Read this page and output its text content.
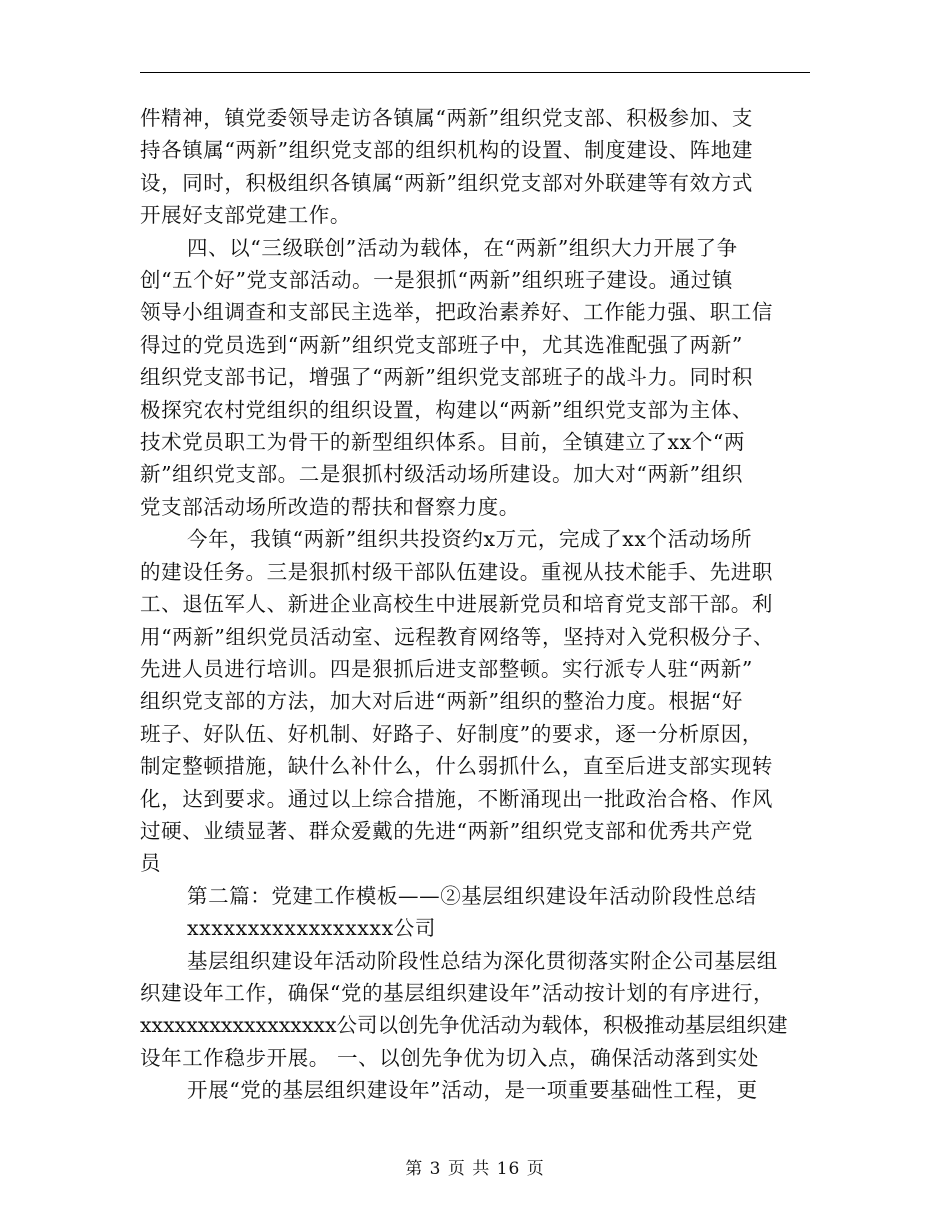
件精神，镇党委领导走访各镇属“两新”组织党支部、积极参加、支
持各镇属“两新”组织党支部的组织机构的设置、制度建设、阵地建
设，同时，积极组织各镇属“两新”组织党支部对外联建等有效方式
开展好支部党建工作。

四、以“三级联创”活动为载体，在“两新”组织大力开展了争
创“五个好”党支部活动。一是狠抓“两新”组织班子建设。通过镇
领导小组调查和支部民主选举，把政治素养好、工作能力强、职工信
得过的党员选到“两新”组织党支部班子中，尤其选准配强了两新”
组织党支部书记，增强了“两新”组织党支部班子的战斗力。同时积
极探究农村党组织的组织设置，构建以“两新”组织党支部为主体、
技术党员职工为骨干的新型组织体系。目前，全镇建立了xx个“两
新”组织党支部。二是狠抓村级活动场所建设。加大对“两新”组织
党支部活动场所改造的帮扶和督察力度。

今年，我镇“两新”组织共投资约x万元，完成了xx个活动场所
的建设任务。三是狠抓村级干部队伍建设。重视从技术能手、先进职
工、退伍军人、新进企业高校生中进展新党员和培育党支部干部。利
用“两新”组织党员活动室、远程教育网络等，坚持对入党积极分子、
先进人员进行培训。四是狠抓后进支部整顿。实行派专人驻“两新”
组织党支部的方法，加大对后进“两新”组织的整治力度。根据“好
班子、好队伍、好机制、好路子、好制度”的要求，逐一分析原因，
制定整顿措施，缺什么补什么，什么弱抓什么，直至后进支部实现转
化，达到要求。通过以上综合措施，不断涌现出一批政治合格、作风
过硬、业绩显著、群众爱戴的先进“两新”组织党支部和优秀共产党
员

第二篇：党建工作模板——②基层组织建设年活动阶段性总结

xxxxxxxxxxxxxxxxx公司

基层组织建设年活动阶段性总结为深化贯彻落实附企公司基层组
织建设年工作，确保“党的基层组织建设年”活动按计划的有序进行，
xxxxxxxxxxxxxxxxx公司以创先争优活动为载体，积极推动基层组织建
设年工作稳步开展。 一、以创先争优为切入点，确保活动落到实处

开展“党的基层组织建设年”活动，是一项重要基础性工程，更

第 3 页 共 16 页
